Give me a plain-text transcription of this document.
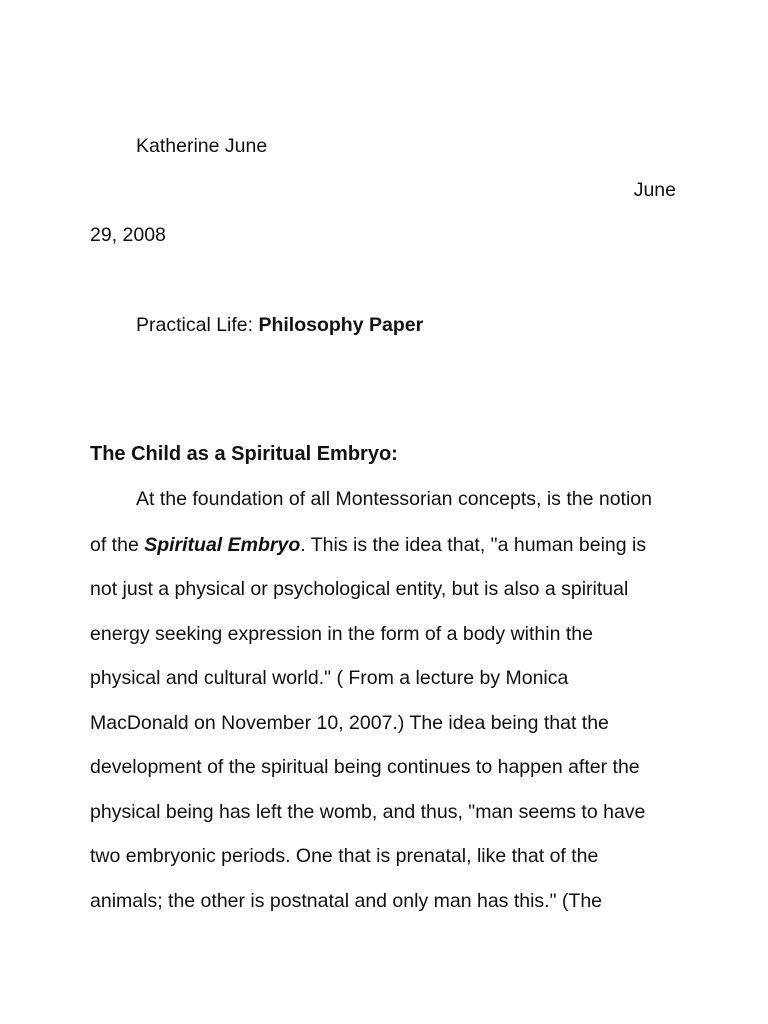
Katherine June

June

29, 2008

Practical Life: Philosophy Paper

The Child as a Spiritual Embryo:

At the foundation of all Montessorian concepts, is the notion

of the Spiritual Embryo. This is the idea that, "a human being is

not just a physical or psychological entity, but is also a spiritual

energy seeking expression in the form of a body within the

physical and cultural world." ( From a lecture by Monica

MacDonald on November 10, 2007.) The idea being that the

development of the spiritual being continues to happen after the

physical being has left the womb, and thus, "man seems to have

two embryonic periods. One that is prenatal, like that of the

animals; the other is postnatal and only man has this." (The
